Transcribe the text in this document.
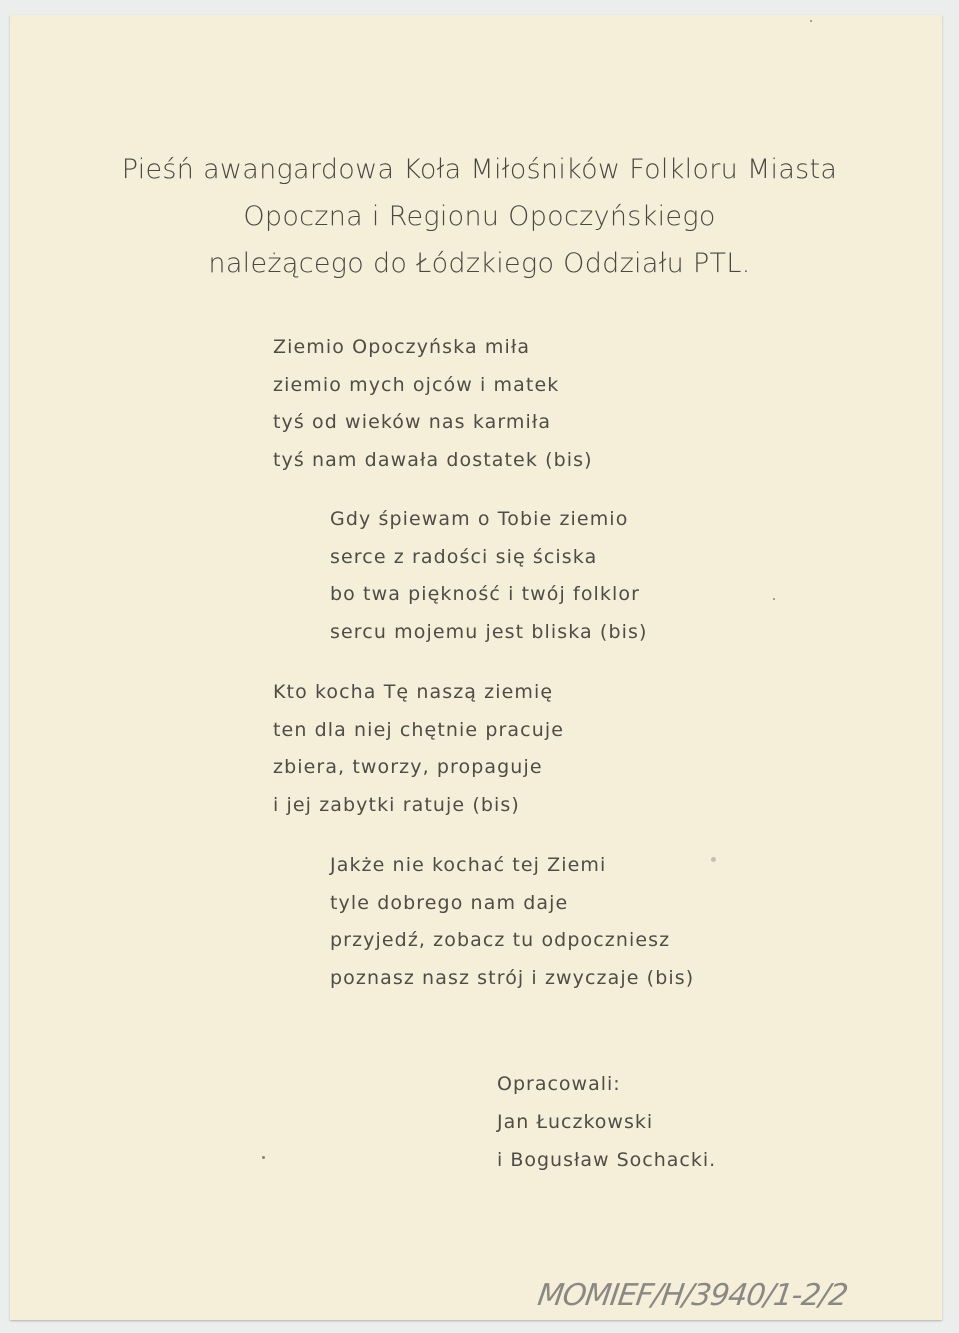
Pieśń awangardowa Koła Miłośników Folkloru Miasta
Opoczna i Regionu Opoczyńskiego
należącego do Łódzkiego Oddziału PTL.
Ziemio Opoczyńska miła
ziemio mych ojców i matek
tyś od wieków nas karmiła
tyś nam dawała dostatek (bis)
Gdy śpiewam o Tobie ziemio
serce z radości się ściska
bo twa piękność i twój folklor
sercu mojemu jest bliska (bis)
Kto kocha Tę naszą ziemię
ten dla niej chętnie pracuje
zbiera, tworzy, propaguje
i jej zabytki ratuje (bis)
Jakże nie kochać tej Ziemi
tyle dobrego nam daje
przyjedź, zobacz tu odpoczniesz
poznasz nasz strój i zwyczaje (bis)
Opracowali:
Jan Łuczkowski
i Bogusław Sochacki.
MOMIEF/H/3940/1-2/2
